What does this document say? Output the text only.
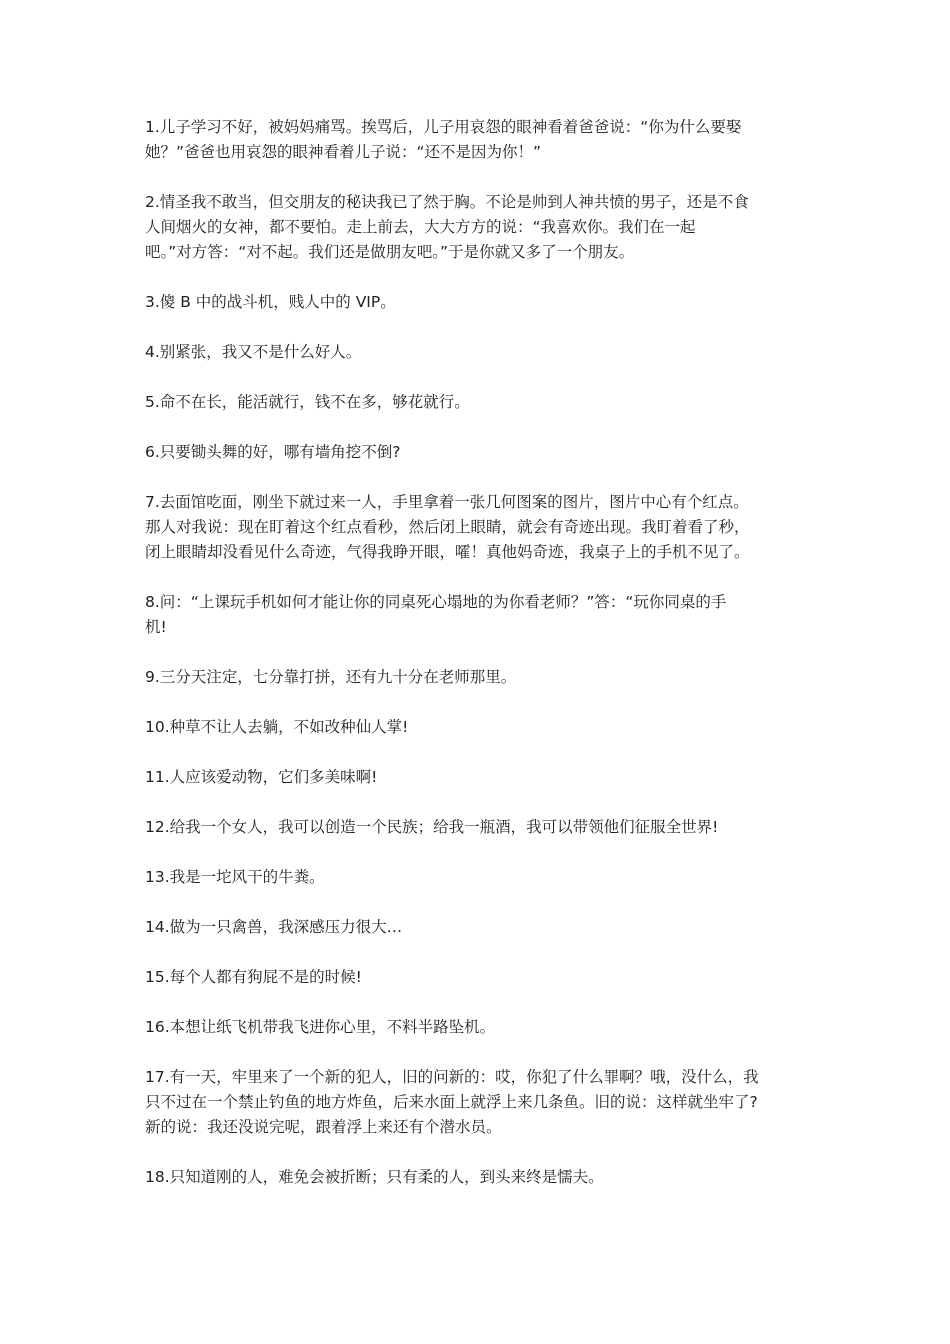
1.儿子学习不好，被妈妈痛骂。挨骂后，儿子用哀怨的眼神看着爸爸说：“你为什么要娶
她？”爸爸也用哀怨的眼神看着儿子说：“还不是因为你！”

2.情圣我不敢当，但交朋友的秘诀我已了然于胸。不论是帅到人神共愤的男子，还是不食
人间烟火的女神，都不要怕。走上前去，大大方方的说：“我喜欢你。我们在一起
吧。”对方答：“对不起。我们还是做朋友吧。”于是你就又多了一个朋友。

3.傻 B 中的战斗机，贱人中的 VIP。

4.别紧张，我又不是什么好人。

5.命不在长，能活就行，钱不在多，够花就行。

6.只要锄头舞的好，哪有墙角挖不倒?

7.去面馆吃面，刚坐下就过来一人，手里拿着一张几何图案的图片，图片中心有个红点。
那人对我说：现在盯着这个红点看秒，然后闭上眼睛，就会有奇迹出现。我盯着看了秒，
闭上眼睛却没看见什么奇迹，气得我睁开眼，嚯！真他妈奇迹，我桌子上的手机不见了。

8.问：“上课玩手机如何才能让你的同桌死心塌地的为你看老师？”答：“玩你同桌的手
机!

9.三分天注定，七分靠打拼，还有九十分在老师那里。

10.种草不让人去躺，不如改种仙人掌!

11.人应该爱动物，它们多美味啊!

12.给我一个女人，我可以创造一个民族；给我一瓶酒，我可以带领他们征服全世界!

13.我是一坨风干的牛粪。

14.做为一只禽兽，我深感压力很大…

15.每个人都有狗屁不是的时候!

16.本想让纸飞机带我飞进你心里，不料半路坠机。

17.有一天，牢里来了一个新的犯人，旧的问新的：哎，你犯了什么罪啊？哦，没什么，我
只不过在一个禁止钓鱼的地方炸鱼，后来水面上就浮上来几条鱼。旧的说：这样就坐牢了?
新的说：我还没说完呢，跟着浮上来还有个潜水员。

18.只知道刚的人，难免会被折断；只有柔的人，到头来终是懦夫。
